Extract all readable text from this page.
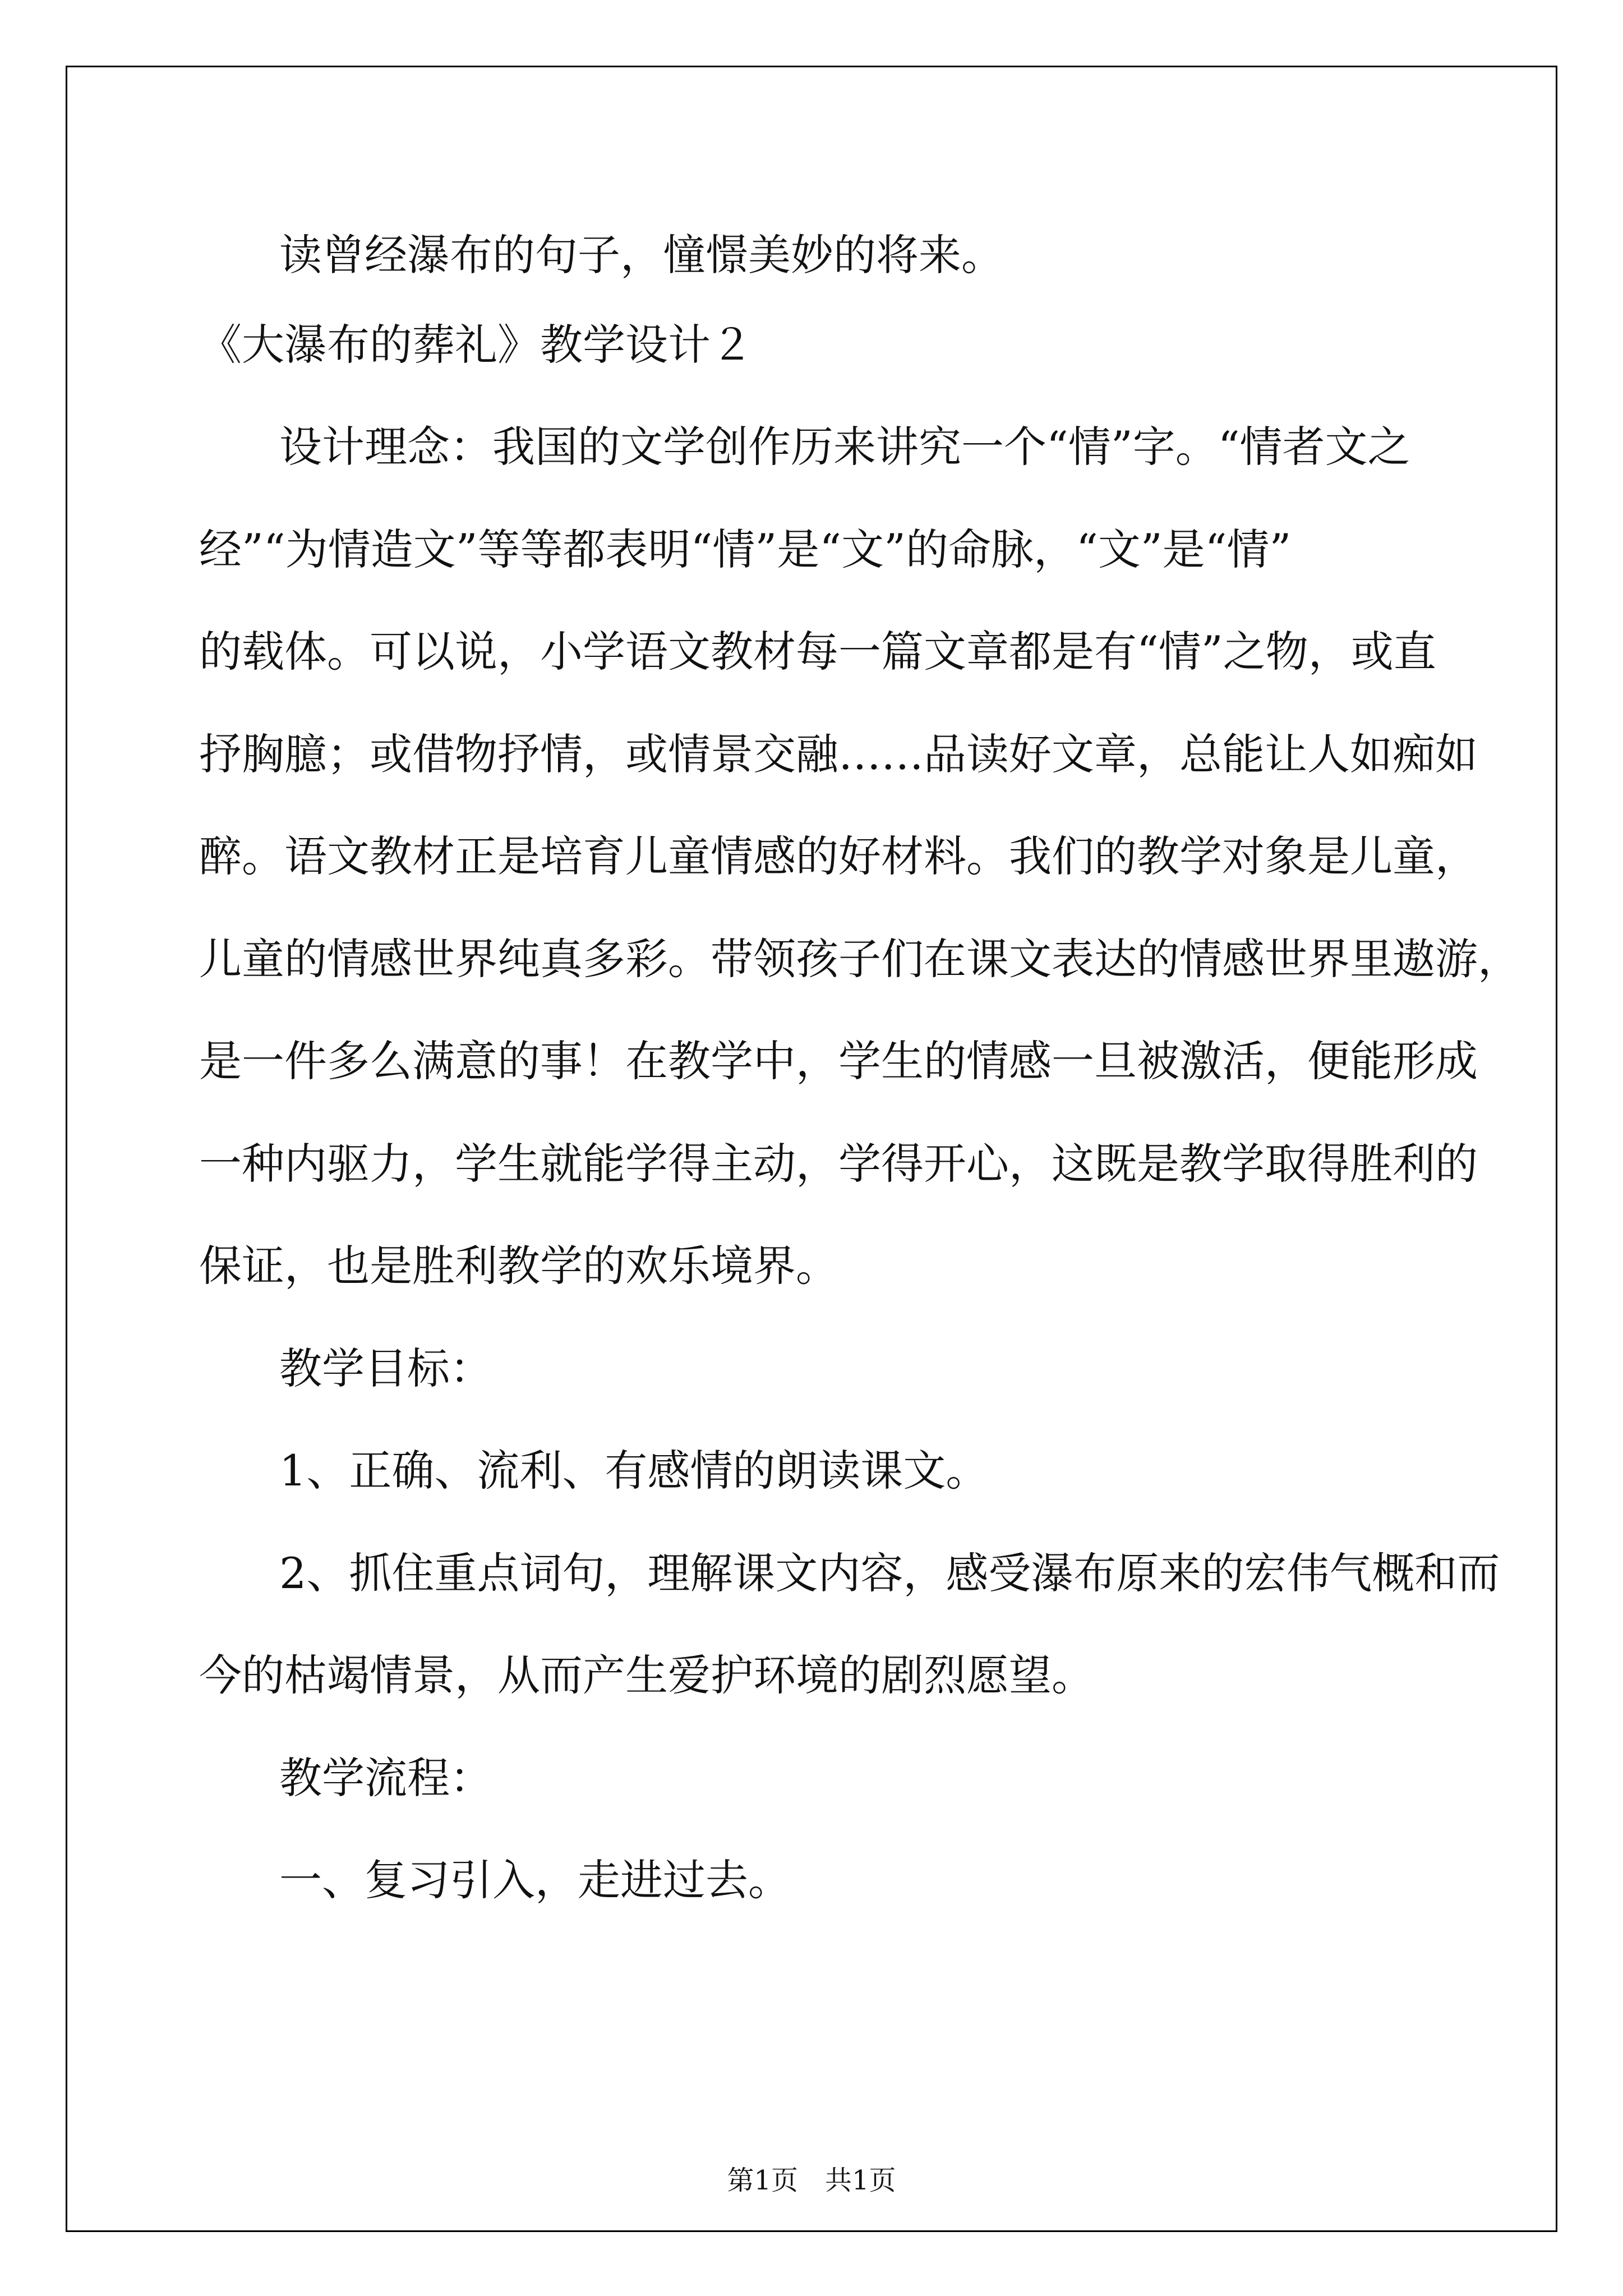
读曾经瀑布的句子，憧憬美妙的将来。
《大瀑布的葬礼》教学设计２
设计理念：我国的文学创作历来讲究一个“情”字。“情者文之
经”“为情造文”等等都表明“情”是“文”的命脉，“文”是“情”
的载体。可以说，小学语文教材每一篇文章都是有“情”之物，或直
抒胸臆；或借物抒情，或情景交融……品读好文章，总能让人如痴如
醉。语文教材正是培育儿童情感的好材料。我们的教学对象是儿童，
儿童的情感世界纯真多彩。带领孩子们在课文表达的情感世界里遨游，
是一件多么满意的事！在教学中，学生的情感一旦被激活，便能形成
一种内驱力，学生就能学得主动，学得开心，这既是教学取得胜利的
保证，也是胜利教学的欢乐境界。
教学目标：
1、正确、流利、有感情的朗读课文。
2、抓住重点词句，理解课文内容，感受瀑布原来的宏伟气概和而
今的枯竭情景，从而产生爱护环境的剧烈愿望。
教学流程：
一、复习引入，走进过去。
第1页　共1页
